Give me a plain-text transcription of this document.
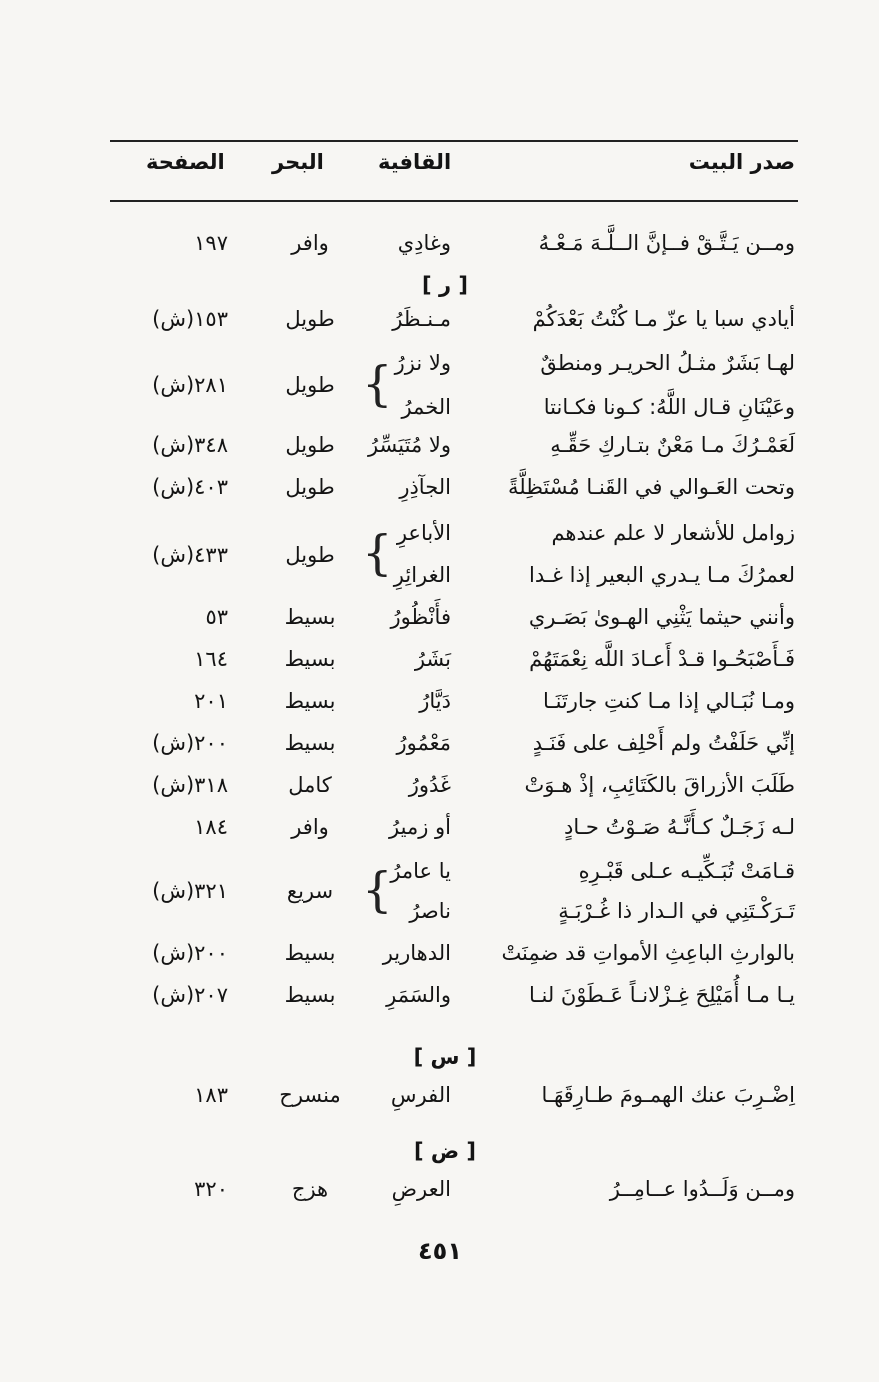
صدر البيت
القافية
البحر
الصفحة
ومــن يَـتَّـقْ فــإنَّ الــلَّـهَ مَـعْـهُ
وغادِي
وافر
١٩٧
[ ر ]
أيادي سبا يا عزّ مـا كُنْتُ بَعْدَكُمْ
مـنـظَرُ
طويل
١٥٣(ش)
لهـا بَشَرٌ مثـلُ الحريـر ومنطقٌ
ولا نزرُ
وعَيْنَانِ قـال اللَّهُ: كـونا فكـانتا
الخمرُ
{
طويل
٢٨١(ش)
لَعَمْـرُكَ مـا مَعْنٌ بتـاركِ حَقِّـهِ
ولا مُتَيَسِّرُ
طويل
٣٤٨(ش)
وتحت العَـوالي في القَنـا مُسْتَظِلَّةً
الجآذِرِ
طويل
٤٠٣(ش)
زوامل للأشعار لا علم عندهم
الأباعرِ
لعمرُكَ مـا يـدري البعير إذا غـدا
الغرائِرِ
{
طويل
٤٣٣(ش)
وأنني حيثما يَثْنِي الهـوىٰ بَصَـري
فأَنْظُورُ
بسيط
٥٣
فَـأَصْبَحُـوا قـدْ أَعـادَ اللَّه نِعْمَتَهُمْ
بَشَرُ
بسيط
١٦٤
ومـا نُبَـالي إذا مـا كنتِ جارتَنَـا
دَيَّارُ
بسيط
٢٠١
إنِّي حَلَفْتُ ولم أَحْلِف على فَنَـدٍ
مَعْمُورُ
بسيط
٢٠٠(ش)
طَلَبَ الأزراقَ بالكَتَائِبِ، إذْ هـوَتْ
غَدُورُ
كامل
٣١٨(ش)
لـه زَجَـلٌ كـأَنَّـهُ صَـوْتُ حـادٍ
أو زميرُ
وافر
١٨٤
قـامَتْ تُبَـكِّيـه عـلى قَبْـرِهِ
يا عامرُ
تَـرَكْـتَنِي في الـدار ذا غُـرْبَـةٍ
ناصرُ
{
سريع
٣٢١(ش)
بالوارثِ الباعِثِ الأمواتِ قد ضمِنَتْ
الدهارير
بسيط
٢٠٠(ش)
يـا مـا أُمَيْلِحَ غِـزْلانـاً عَـطَوْنَ لنـا
والسَمَرِ
بسيط
٢٠٧(ش)
[ س ]
اِضْـرِبَ عنك الهمـومَ طـارِقَهَـا
الفرسِ
منسرح
١٨٣
[ ض ]
ومــن وَلَــدُوا عــامِــرُ
العرضِ
هزج
٣٢٠
٤٥١
